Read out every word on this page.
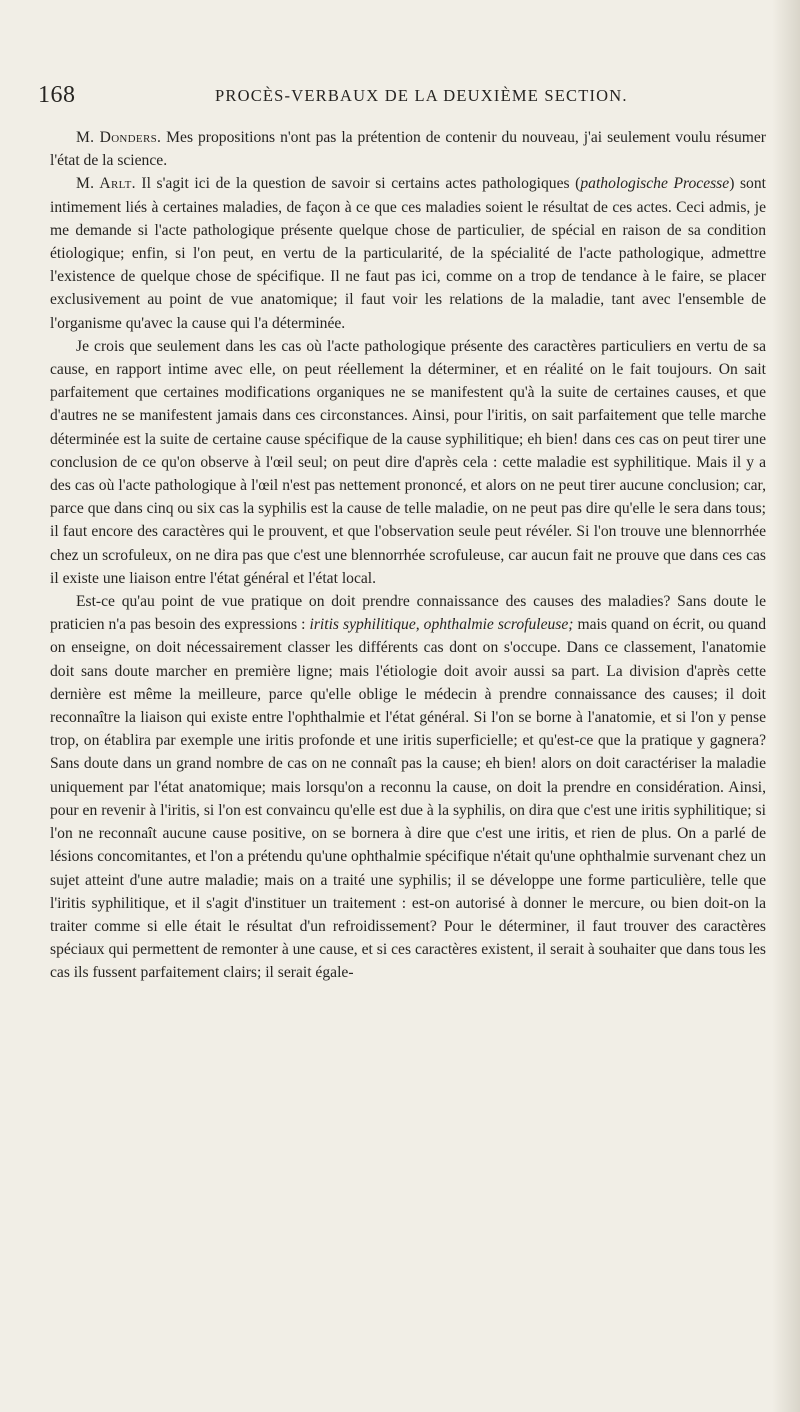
168	PROCÈS-VERBAUX DE LA DEUXIÈME SECTION.

M. Donders. Mes propositions n'ont pas la prétention de contenir du nouveau, j'ai seulement voulu résumer l'état de la science.

M. Arlt. Il s'agit ici de la question de savoir si certains actes pathologiques (pathologische Processe) sont intimement liés à certaines maladies, de façon à ce que ces maladies soient le résultat de ces actes. Ceci admis, je me demande si l'acte pathologique présente quelque chose de particulier, de spécial en raison de sa condition étiologique; enfin, si l'on peut, en vertu de la particularité, de la spécialité de l'acte pathologique, admettre l'existence de quelque chose de spécifique. Il ne faut pas ici, comme on a trop de tendance à le faire, se placer exclusivement au point de vue anatomique; il faut voir les relations de la maladie, tant avec l'ensemble de l'organisme qu'avec la cause qui l'a déterminée.

Je crois que seulement dans les cas où l'acte pathologique présente des caractères particuliers en vertu de sa cause, en rapport intime avec elle, on peut réellement la déterminer, et en réalité on le fait toujours. On sait parfaitement que certaines modifications organiques ne se manifestent qu'à la suite de certaines causes, et que d'autres ne se manifestent jamais dans ces circonstances. Ainsi, pour l'iritis, on sait parfaitement que telle marche déterminée est la suite de certaine cause spécifique de la cause syphilitique; eh bien! dans ces cas on peut tirer une conclusion de ce qu'on observe à l'œil seul; on peut dire d'après cela : cette maladie est syphilitique. Mais il y a des cas où l'acte pathologique à l'œil n'est pas nettement prononcé, et alors on ne peut tirer aucune conclusion; car, parce que dans cinq ou six cas la syphilis est la cause de telle maladie, on ne peut pas dire qu'elle le sera dans tous; il faut encore des caractères qui le prouvent, et que l'observation seule peut révéler. Si l'on trouve une blennorrhée chez un scrofuleux, on ne dira pas que c'est une blennorrhée scrofuleuse, car aucun fait ne prouve que dans ces cas il existe une liaison entre l'état général et l'état local.

Est-ce qu'au point de vue pratique on doit prendre connaissance des causes des maladies? Sans doute le praticien n'a pas besoin des expressions : iritis syphilitique, ophthalmie scrofuleuse; mais quand on écrit, ou quand on enseigne, on doit nécessairement classer les différents cas dont on s'occupe. Dans ce classement, l'anatomie doit sans doute marcher en première ligne; mais l'étiologie doit avoir aussi sa part. La division d'après cette dernière est même la meilleure, parce qu'elle oblige le médecin à prendre connaissance des causes; il doit reconnaître la liaison qui existe entre l'ophthalmie et l'état général. Si l'on se borne à l'anatomie, et si l'on y pense trop, on établira par exemple une iritis profonde et une iritis superficielle; et qu'est-ce que la pratique y gagnera? Sans doute dans un grand nombre de cas on ne connaît pas la cause; eh bien! alors on doit caractériser la maladie uniquement par l'état anatomique; mais lorsqu'on a reconnu la cause, on doit la prendre en considération. Ainsi, pour en revenir à l'iritis, si l'on est convaincu qu'elle est due à la syphilis, on dira que c'est une iritis syphilitique; si l'on ne reconnaît aucune cause positive, on se bornera à dire que c'est une iritis, et rien de plus. On a parlé de lésions concomitantes, et l'on a prétendu qu'une ophthalmie spécifique n'était qu'une ophthalmie survenant chez un sujet atteint d'une autre maladie; mais on a traité une syphilis; il se développe une forme particulière, telle que l'iritis syphilitique, et il s'agit d'instituer un traitement : est-on autorisé à donner le mercure, ou bien doit-on la traiter comme si elle était le résultat d'un refroidissement? Pour le déterminer, il faut trouver des caractères spéciaux qui permettent de remonter à une cause, et si ces caractères existent, il serait à souhaiter que dans tous les cas ils fussent parfaitement clairs; il serait égale-
